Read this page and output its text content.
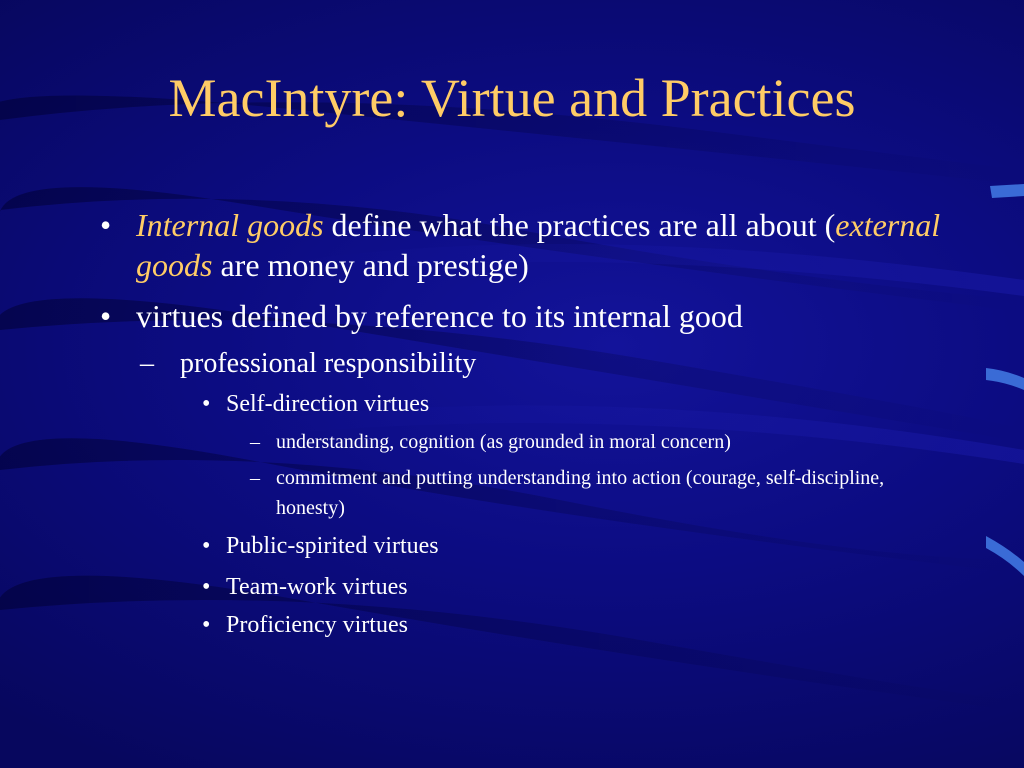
MacIntyre: Virtue and Practices
• Internal goods define what the practices are all about (external goods are money and prestige)
• virtues defined by reference to its internal good
– professional responsibility
• Self-direction virtues
– understanding, cognition (as grounded in moral concern)
– commitment and putting understanding into action (courage, self-discipline, honesty)
• Public-spirited virtues
• Team-work virtues
• Proficiency virtues
